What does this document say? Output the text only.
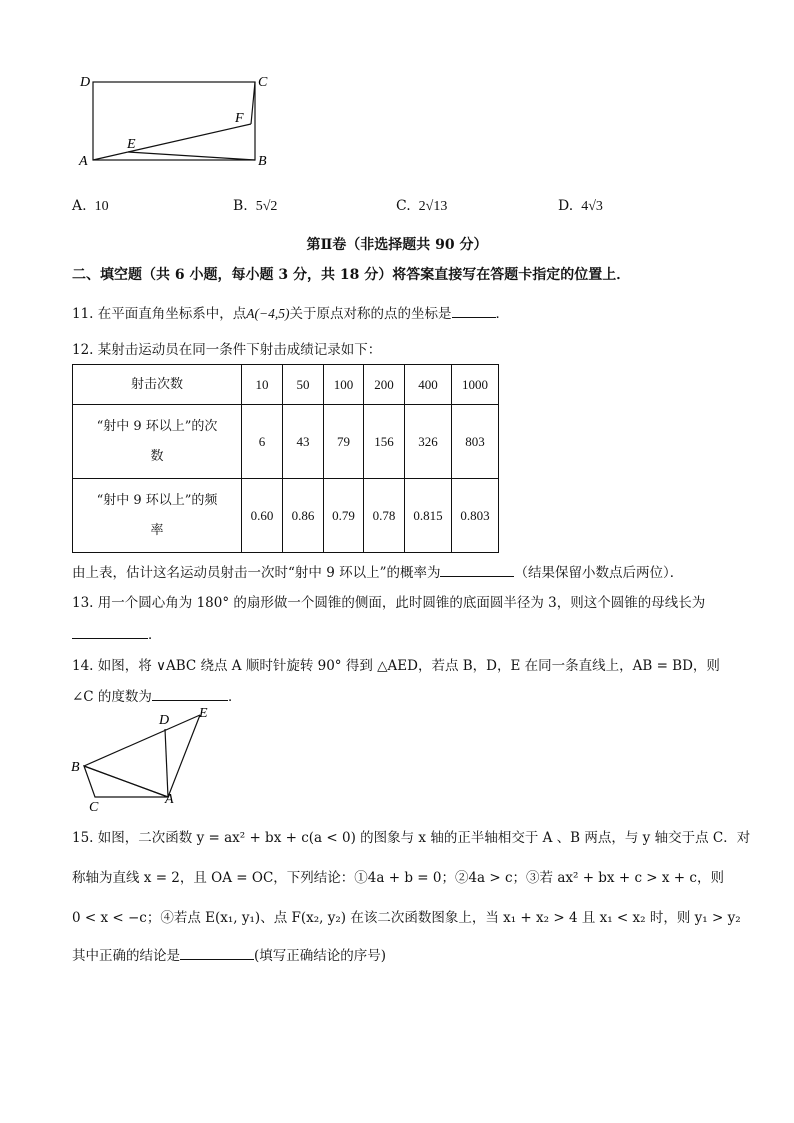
D	C
F
E
A	B
A. 10	B. 5√2	C. 2√13	D. 4√3
第Ⅱ卷（非选择题共 90 分）
二、填空题（共 6 小题，每小题 3 分，共 18 分）将答案直接写在答题卡指定的位置上．
11. 在平面直角坐标系中，点A(−4,5)关于原点对称的点的坐标是	．
12. 某射击运动员在同一条件下射击成绩记录如下：
射击次数	10	50	100	200	400	1000
“射中 9 环以上”的次数	6	43	79	156	326	803
“射中 9 环以上”的频率	0.60	0.86	0.79	0.78	0.815	0.803
由上表，估计这名运动员射击一次时“射中 9 环以上”的概率为	（结果保留小数点后两位）．
13. 用一个圆心角为 180° 的扇形做一个圆锥的侧面，此时圆锥的底面圆半径为 3，则这个圆锥的母线长为
．
14. 如图，将 ∨ABC 绕点 A 顺时针旋转 90° 得到 △AED，若点 B，D，E 在同一条直线上，AB = BD，则
∠C 的度数为	．
D E
B
C
A
15. 如图，二次函数 y = ax² + bx + c(a < 0) 的图象与 x 轴的正半轴相交于 A 、B 两点，与 y 轴交于点 C．对
称轴为直线 x = 2，且 OA = OC，下列结论：①4a + b = 0；②4a > c；③若 ax² + bx + c > x + c，则
0 < x < −c；④若点 E(x₁, y₁)、点 F(x₂, y₂) 在该二次函数图象上，当 x₁ + x₂ > 4 且 x₁ < x₂ 时，则 y₁ > y₂
其中正确的结论是	(填写正确结论的序号)
